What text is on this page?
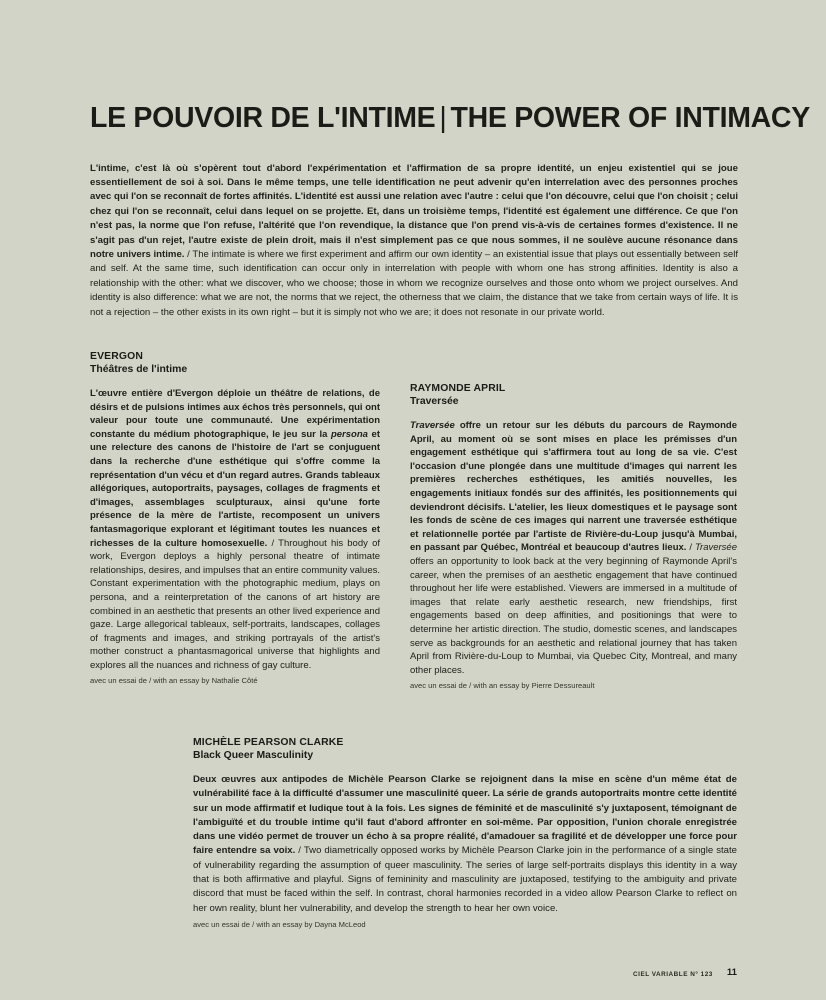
LE POUVOIR DE L'INTIME | THE POWER OF INTIMACY

L'intime, c'est là où s'opèrent tout d'abord l'expérimentation et l'affirmation de sa propre identité, un enjeu existentiel qui se joue essentiellement de soi à soi. Dans le même temps, une telle identification ne peut advenir qu'en interrelation avec des personnes proches avec qui l'on se reconnaît de fortes affinités. L'identité est aussi une relation avec l'autre : celui que l'on découvre, celui que l'on choisit ; celui chez qui l'on se reconnaît, celui dans lequel on se projette. Et, dans un troisième temps, l'identité est également une différence. Ce que l'on n'est pas, la norme que l'on refuse, l'altérité que l'on revendique, la distance que l'on prend vis-à-vis de certaines formes d'existence. Il ne s'agit pas d'un rejet, l'autre existe de plein droit, mais il n'est simplement pas ce que nous sommes, il ne soulève aucune résonance dans notre univers intime. / The intimate is where we first experiment and affirm our own identity – an existential issue that plays out essentially between self and self. At the same time, such identification can occur only in interrelation with people with whom one has strong affinities. Identity is also a relationship with the other: what we discover, who we choose; those in whom we recognize ourselves and those onto whom we project ourselves. And identity is also difference: what we are not, the norms that we reject, the otherness that we claim, the distance that we take from certain ways of life. It is not a rejection – the other exists in its own right – but it is simply not who we are; it does not resonate in our private world.

EVERGON
Théâtres de l'intime

L'œuvre entière d'Evergon déploie un théâtre de relations, de désirs et de pulsions intimes aux échos très personnels, qui ont valeur pour toute une communauté. Une expérimentation constante du médium photographique, le jeu sur la persona et une relecture des canons de l'histoire de l'art se conjuguent dans la recherche d'une esthétique qui s'offre comme la représentation d'un vécu et d'un regard autres. Grands tableaux allégoriques, autoportraits, paysages, collages de fragments et d'images, assemblages sculpturaux, ainsi qu'une forte présence de la mère de l'artiste, recomposent un univers fantasmagorique explorant et légitimant toutes les nuances et richesses de la culture homosexuelle. / Throughout his body of work, Evergon deploys a highly personal theatre of intimate relationships, desires, and impulses that an entire community values. Constant experimentation with the photographic medium, plays on persona, and a reinterpretation of the canons of art history are combined in an aesthetic that presents an other lived experience and gaze. Large allegorical tableaux, self-portraits, landscapes, collages of fragments and images, and striking portrayals of the artist's mother construct a phantasmagorical universe that highlights and explores all the nuances and richness of gay culture.

avec un essai de / with an essay by Nathalie Côté

RAYMONDE APRIL
Traversée

Traversée offre un retour sur les débuts du parcours de Raymonde April, au moment où se sont mises en place les prémisses d'un engagement esthétique qui s'affirmera tout au long de sa vie. C'est l'occasion d'une plongée dans une multitude d'images qui narrent les premières recherches esthétiques, les amitiés nouvelles, les engagements initiaux fondés sur des affinités, les positionnements qui deviendront décisifs. L'atelier, les lieux domestiques et le paysage sont les fonds de scène de ces images qui narrent une traversée esthétique et relationnelle portée par l'artiste de Rivière-du-Loup jusqu'à Mumbai, en passant par Québec, Montréal et beaucoup d'autres lieux. / Traversée offers an opportunity to look back at the very beginning of Raymonde April's career, when the premises of an aesthetic engagement that have continued throughout her life were established. Viewers are immersed in a multitude of images that relate early aesthetic research, new friendships, first engagements based on deep affinities, and positionings that were to determine her artistic direction. The studio, domestic scenes, and landscapes serve as backgrounds for an aesthetic and relational journey that has taken April from Rivière-du-Loup to Mumbai, via Quebec City, Montreal, and many other places.

avec un essai de / with an essay by Pierre Dessureault

MICHÈLE PEARSON CLARKE
Black Queer Masculinity

Deux œuvres aux antipodes de Michèle Pearson Clarke se rejoignent dans la mise en scène d'un même état de vulnérabilité face à la difficulté d'assumer une masculinité queer. La série de grands autoportraits montre cette identité sur un mode affirmatif et ludique tout à la fois. Les signes de féminité et de masculinité s'y juxtaposent, témoignant de l'ambiguïté et du trouble intime qu'il faut d'abord affronter en soi-même. Par opposition, l'union chorale enregistrée dans une vidéo permet de trouver un écho à sa propre réalité, d'amadouer sa fragilité et de développer une force pour faire entendre sa voix. / Two diametrically opposed works by Michèle Pearson Clarke join in the performance of a single state of vulnerability regarding the assumption of queer masculinity. The series of large self-portraits displays this identity in a way that is both affirmative and playful. Signs of femininity and masculinity are juxtaposed, testifying to the ambiguity and private discord that must be faced within the self. In contrast, choral harmonies recorded in a video allow Pearson Clarke to reflect on her own reality, blunt her vulnerability, and develop the strength to hear her own voice.

avec un essai de / with an essay by Dayna McLeod

CIEL VARIABLE N° 123 11
